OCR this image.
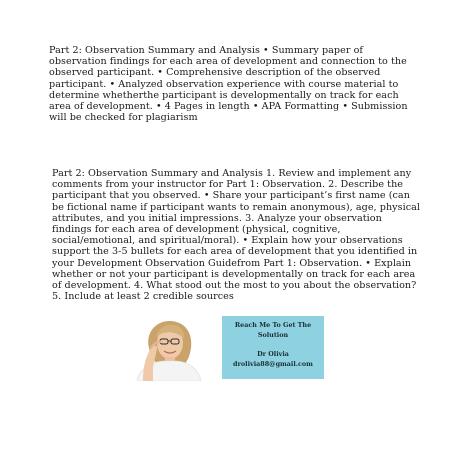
Part 2: Observation Summary and Analysis • Summary paper of observation findings for each area of development and connection to the observed participant. • Comprehensive description of the observed participant. • Analyzed observation experience with course material to determine whetherthe participant is developmentally on track for each area of development. • 4 Pages in length • APA Formatting • Submission will be checked for plagiarism

Part 2: Observation Summary and Analysis 1. Review and implement any comments from your instructor for Part 1: Observation. 2. Describe the participant that you observed. • Share your participant’s first name (can be fictional name if participant wants to remain anonymous), age, physical attributes, and you initial impressions. 3. Analyze your observation findings for each area of development (physical, cognitive, social/emotional, and spiritual/moral). • Explain how your observations support the 3-5 bullets for each area of development that you identified in your Development Observation Guidefrom Part 1: Observation. • Explain whether or not your participant is developmentally on track for each area of development. 4. What stood out the most to you about the observation? 5. Include at least 2 credible sources

Reach Me To Get The
Solution
Dr Olivia
drolivia88@gmail.com
